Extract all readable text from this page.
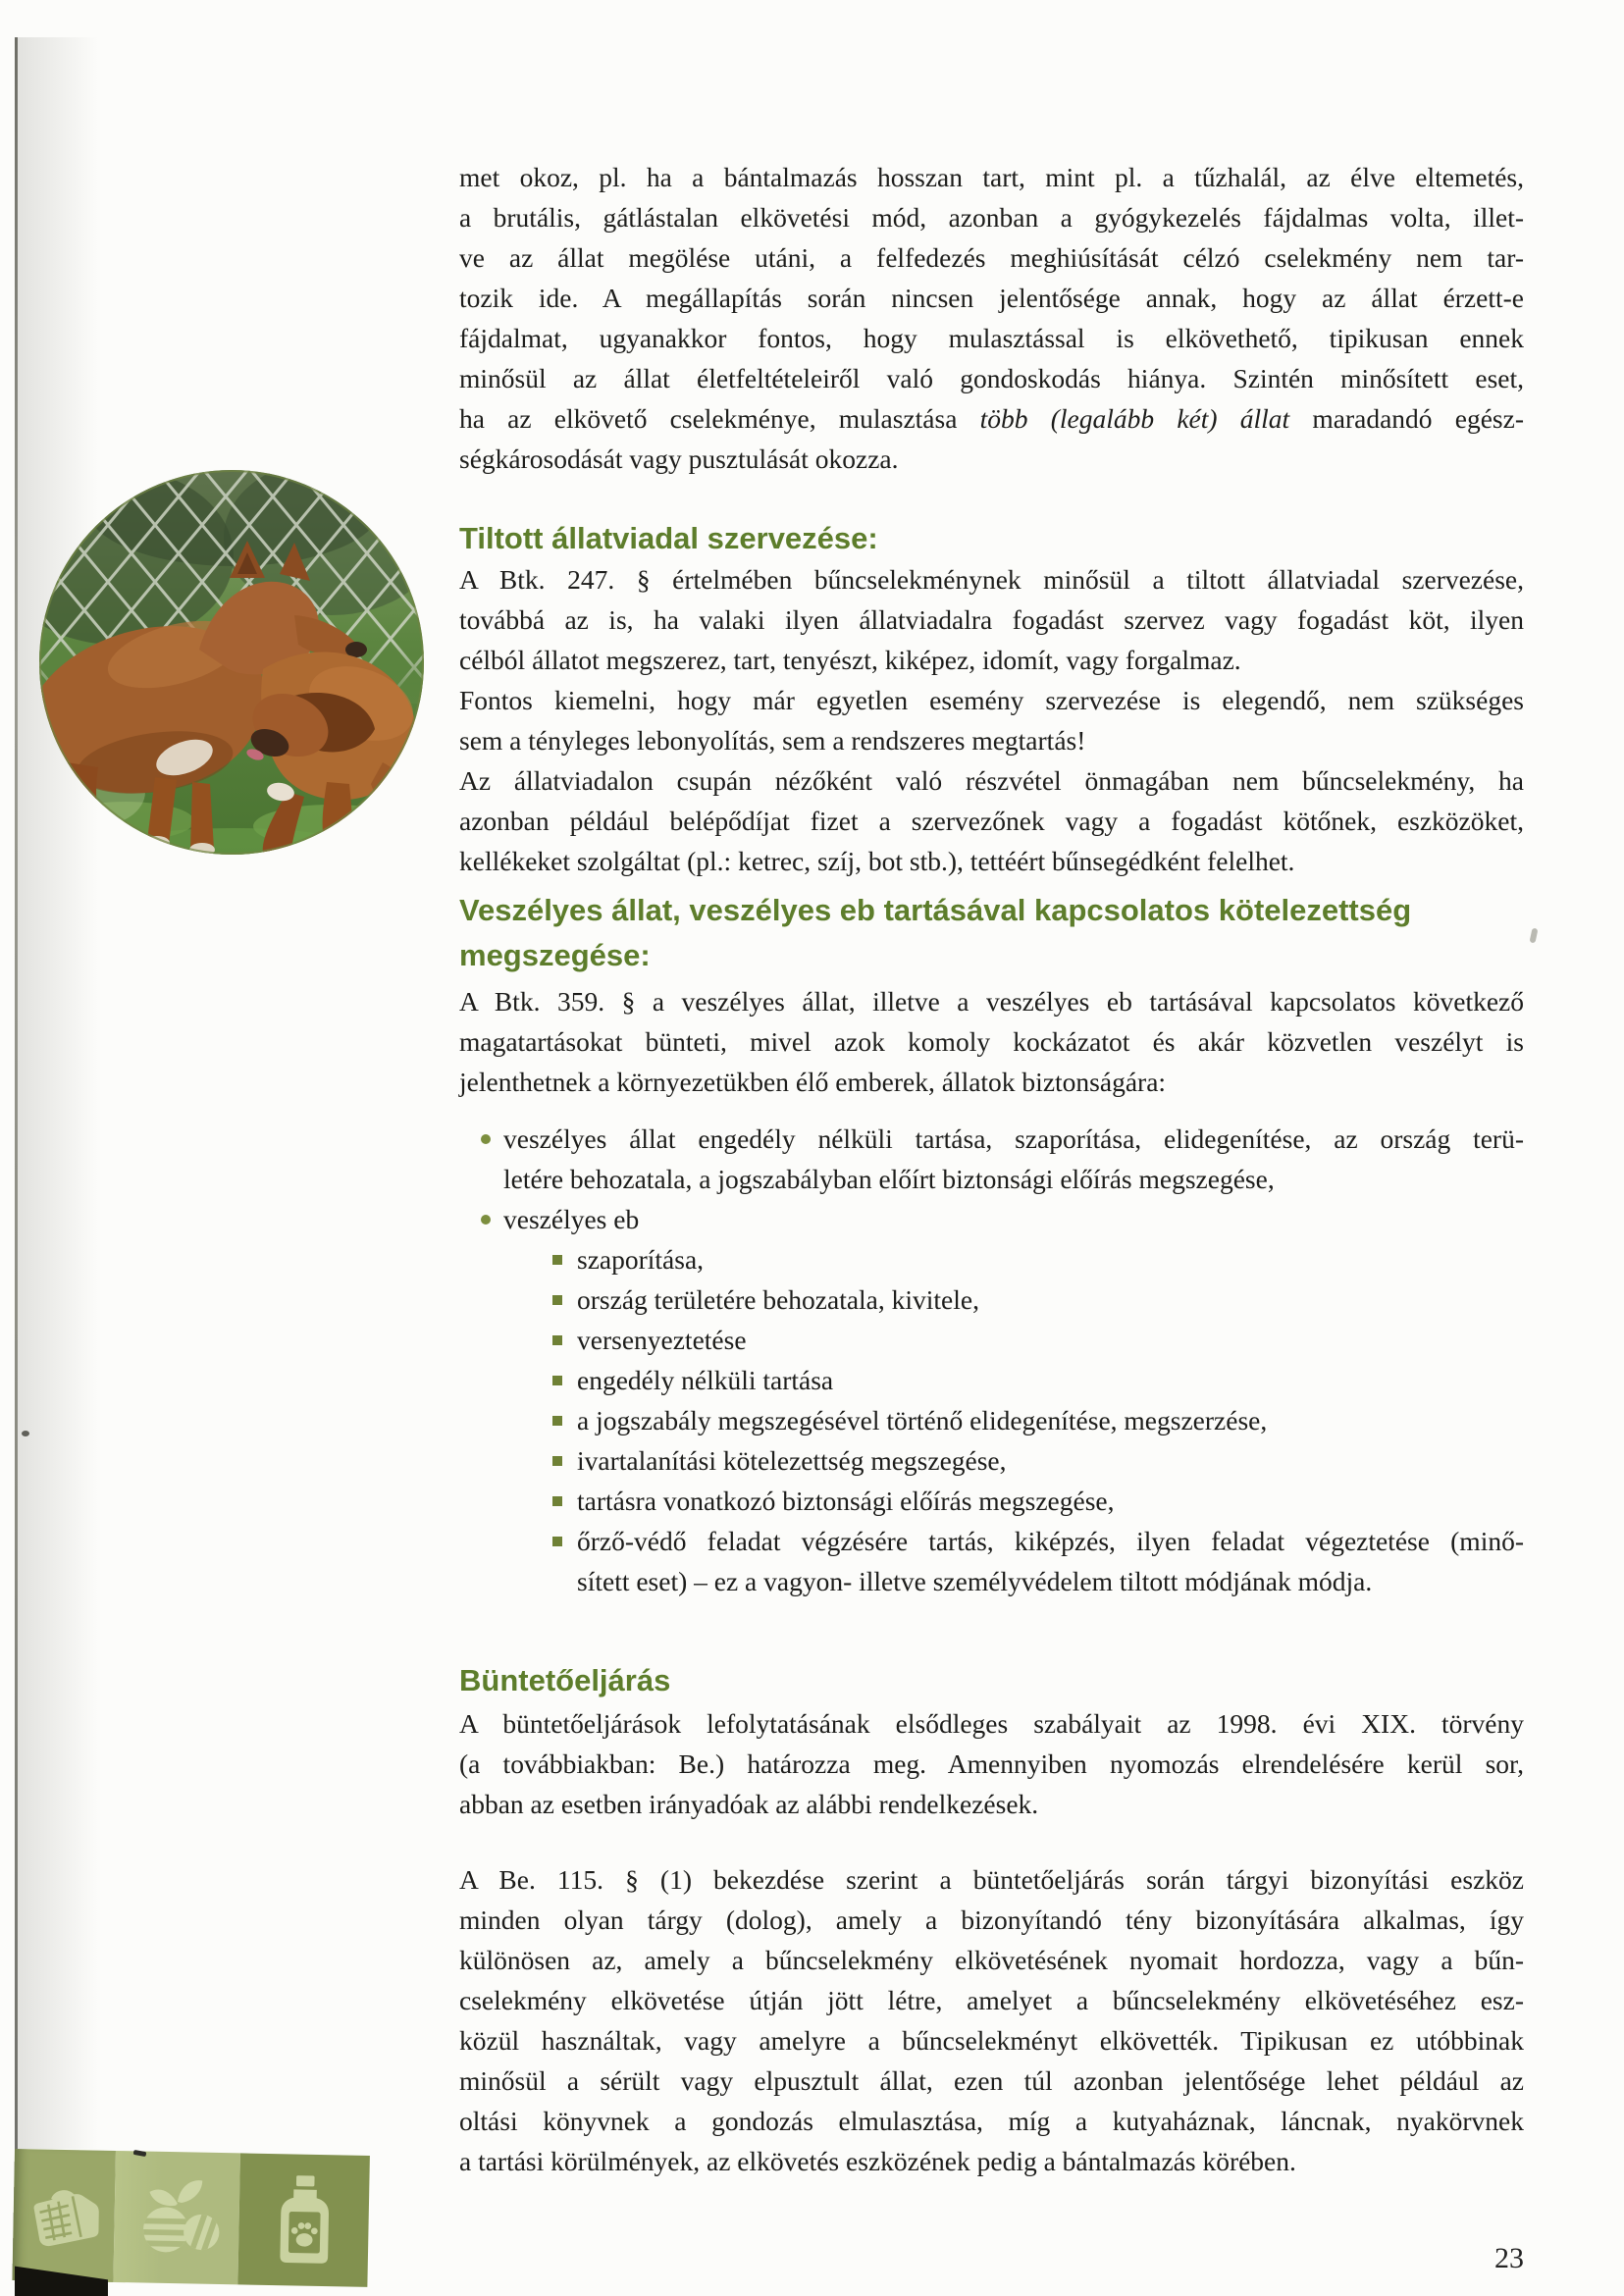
met okoz, pl. ha a bántalmazás hosszan tart, mint pl. a tűzhalál, az élve eltemetés,
a brutális, gátlástalan elkövetési mód, azonban a gyógykezelés fájdalmas volta, illet-
ve az állat megölése utáni, a felfedezés meghiúsítását célzó cselekmény nem tar-
tozik ide. A megállapítás során nincsen jelentősége annak, hogy az állat érzett-e
fájdalmat, ugyanakkor fontos, hogy mulasztással is elkövethető, tipikusan ennek
minősül az állat életfeltételeiről való gondoskodás hiánya. Szintén minősített eset,
ha az elkövető cselekménye, mulasztása több (legalább két) állat maradandó egész-
ségkárosodását vagy pusztulását okozza.
Tiltott állatviadal szervezése:
A Btk. 247. § értelmében bűncselekménynek minősül a tiltott állatviadal szervezése,
továbbá az is, ha valaki ilyen állatviadalra fogadást szervez vagy fogadást köt, ilyen
célból állatot megszerez, tart, tenyészt, kiképez, idomít, vagy forgalmaz.
Fontos kiemelni, hogy már egyetlen esemény szervezése is elegendő, nem szükséges
sem a tényleges lebonyolítás, sem a rendszeres megtartás!
Az állatviadalon csupán nézőként való részvétel önmagában nem bűncselekmény, ha
azonban például belépődíjat fizet a szervezőnek vagy a fogadást kötőnek, eszközöket,
kellékeket szolgáltat (pl.: ketrec, szíj, bot stb.), tettéért bűnsegédként felelhet.
Veszélyes állat, veszélyes eb tartásával kapcsolatos kötelezettség
megszegése:
A Btk. 359. § a veszélyes állat, illetve a veszélyes eb tartásával kapcsolatos következő
magatartásokat bünteti, mivel azok komoly kockázatot és akár közvetlen veszélyt is
jelenthetnek a környezetükben élő emberek, állatok biztonságára:
veszélyes állat engedély nélküli tartása, szaporítása, elidegenítése, az ország terü-
letére behozatala, a jogszabályban előírt biztonsági előírás megszegése,
veszélyes eb
szaporítása,
ország területére behozatala, kivitele,
versenyeztetése
engedély nélküli tartása
a jogszabály megszegésével történő elidegenítése, megszerzése,
ivartalanítási kötelezettség megszegése,
tartásra vonatkozó biztonsági előírás megszegése,
őrző-védő feladat végzésére tartás, kiképzés, ilyen feladat végeztetése (minő-
sített eset) – ez a vagyon- illetve személyvédelem tiltott módjának módja.
Büntetőeljárás
A büntetőeljárások lefolytatásának elsődleges szabályait az 1998. évi XIX. törvény
(a továbbiakban: Be.) határozza meg. Amennyiben nyomozás elrendelésére kerül sor,
abban az esetben irányadóak az alábbi rendelkezések.
A Be. 115. § (1) bekezdése szerint a büntetőeljárás során tárgyi bizonyítási eszköz
minden olyan tárgy (dolog), amely a bizonyítandó tény bizonyítására alkalmas, így
különösen az, amely a bűncselekmény elkövetésének nyomait hordozza, vagy a bűn-
cselekmény elkövetése útján jött létre, amelyet a bűncselekmény elkövetéséhez esz-
közül használtak, vagy amelyre a bűncselekményt elkövették. Tipikusan ez utóbbinak
minősül a sérült vagy elpusztult állat, ezen túl azonban jelentősége lehet például az
oltási könyvnek a gondozás elmulasztása, míg a kutyaháznak, láncnak, nyakörvnek
a tartási körülmények, az elkövetés eszközének pedig a bántalmazás körében.
23
